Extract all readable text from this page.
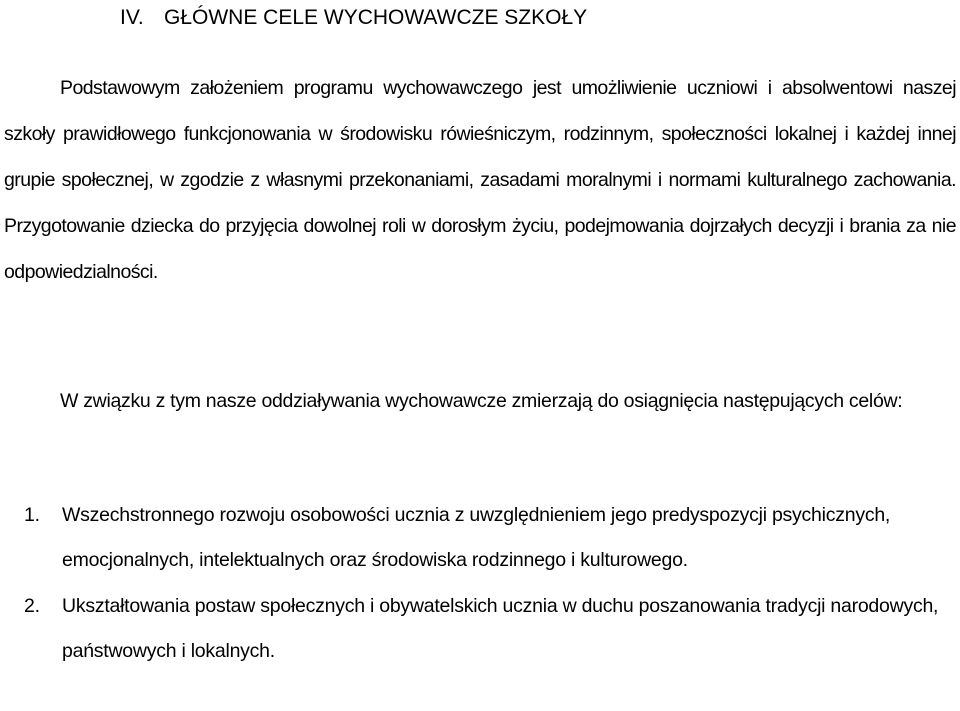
IV. GŁÓWNE CELE WYCHOWAWCZE SZKOŁY

Podstawowym założeniem programu wychowawczego jest umożliwienie uczniowi i absolwentowi naszej szkoły prawidłowego funkcjonowania w środowisku rówieśniczym, rodzinnym, społeczności lokalnej i każdej innej grupie społecznej, w zgodzie z własnymi przekonaniami, zasadami moralnymi i normami kulturalnego zachowania. Przygotowanie dziecka do przyjęcia dowolnej roli w dorosłym życiu, podejmowania dojrzałych decyzji i brania za nie odpowiedzialności.

W związku z tym nasze oddziaływania wychowawcze zmierzają do osiągnięcia następujących celów:

1. Wszechstronnego rozwoju osobowości ucznia z uwzględnieniem jego predyspozycji psychicznych, emocjonalnych, intelektualnych oraz środowiska rodzinnego i kulturowego.
2. Ukształtowania postaw społecznych i obywatelskich ucznia w duchu poszanowania tradycji narodowych, państwowych i lokalnych.
